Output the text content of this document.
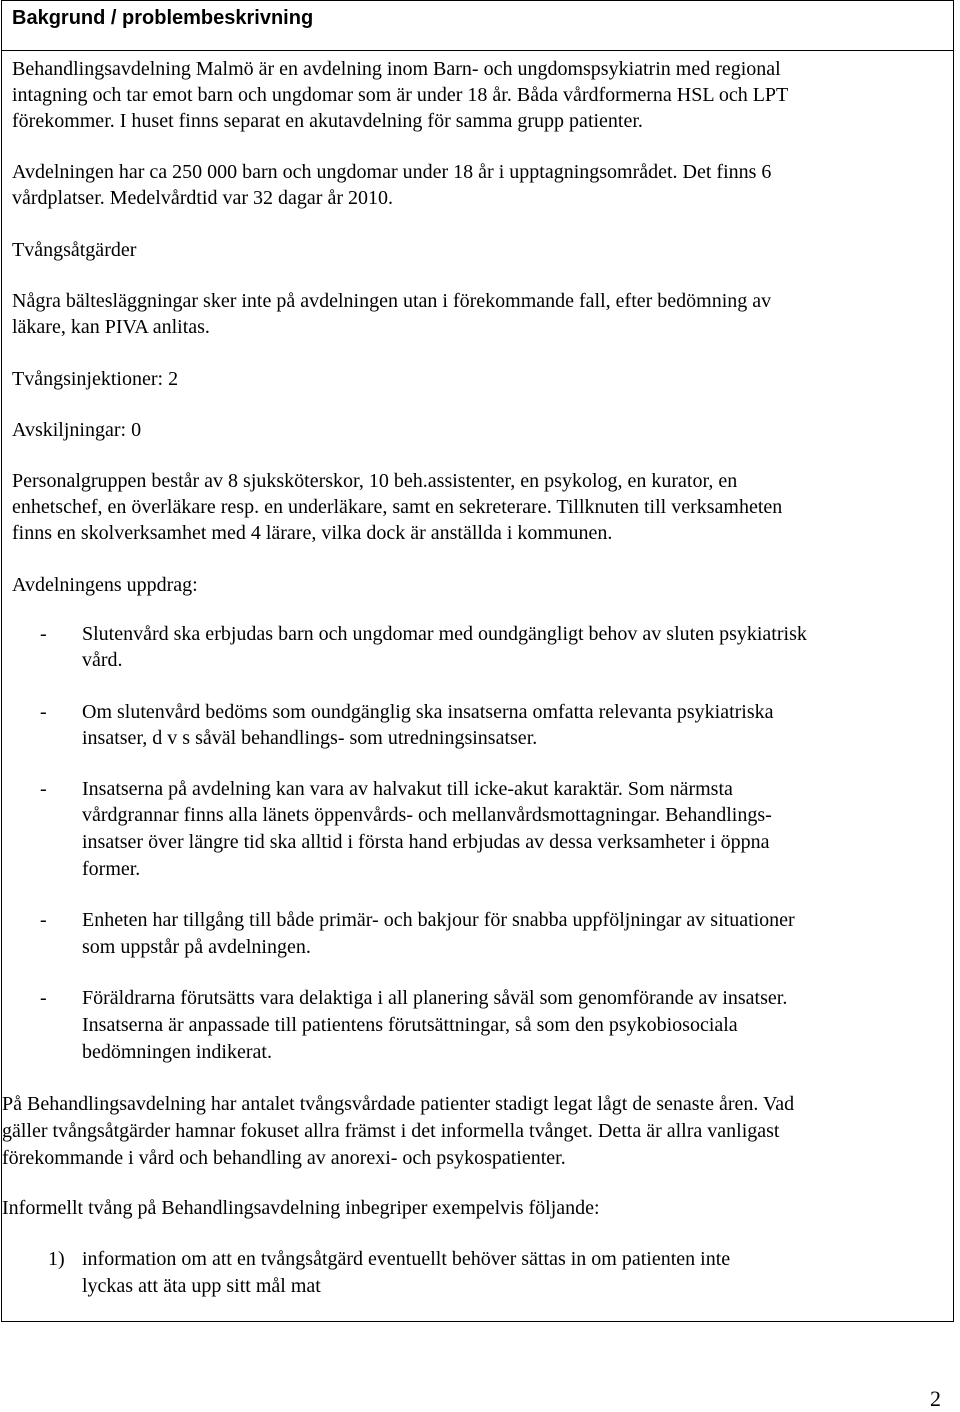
Bakgrund / problembeskrivning
Behandlingsavdelning Malmö är en avdelning inom Barn- och ungdomspsykiatrin med regional
intagning och tar emot barn och ungdomar som är under 18 år. Båda vårdformerna HSL och LPT
förekommer. I huset finns separat en akutavdelning för samma grupp patienter.
Avdelningen har ca 250 000 barn och ungdomar under 18 år i upptagningsområdet. Det finns 6
vårdplatser. Medelvårdtid var 32 dagar år 2010.
Tvångsåtgärder
Några bältesläggningar sker inte på avdelningen utan i förekommande fall, efter bedömning av
läkare, kan PIVA anlitas.
Tvångsinjektioner: 2
Avskiljningar: 0
Personalgruppen består av 8 sjuksköterskor, 10 beh.assistenter, en psykolog, en kurator, en
enhetschef, en överläkare resp. en underläkare, samt en sekreterare. Tillknuten till verksamheten
finns en skolverksamhet med 4 lärare, vilka dock är anställda i kommunen.
Avdelningens uppdrag:
- Slutenvård ska erbjudas barn och ungdomar med oundgängligt behov av sluten psykiatrisk
vård.
- Om slutenvård bedöms som oundgänglig ska insatserna omfatta relevanta psykiatriska
insatser, d v s såväl behandlings- som utredningsinsatser.
- Insatserna på avdelning kan vara av halvakut till icke-akut karaktär. Som närmsta
vårdgrannar finns alla länets öppenvårds- och mellanvårdsmottagningar. Behandlings-
insatser över längre tid ska alltid i första hand erbjudas av dessa verksamheter i öppna
former.
- Enheten har tillgång till både primär- och bakjour för snabba uppföljningar av situationer
som uppstår på avdelningen.
- Föräldrarna förutsätts vara delaktiga i all planering såväl som genomförande av insatser.
Insatserna är anpassade till patientens förutsättningar, så som den psykobiosociala
bedömningen indikerat.
På Behandlingsavdelning har antalet tvångsvårdade patienter stadigt legat lågt de senaste åren. Vad
gäller tvångsåtgärder hamnar fokuset allra främst i det informella tvånget. Detta är allra vanligast
förekommande i vård och behandling av anorexi- och psykospatienter.
Informellt tvång på Behandlingsavdelning inbegriper exempelvis följande:
1) information om att en tvångsåtgärd eventuellt behöver sättas in om patienten inte
lyckas att äta upp sitt mål mat
2
